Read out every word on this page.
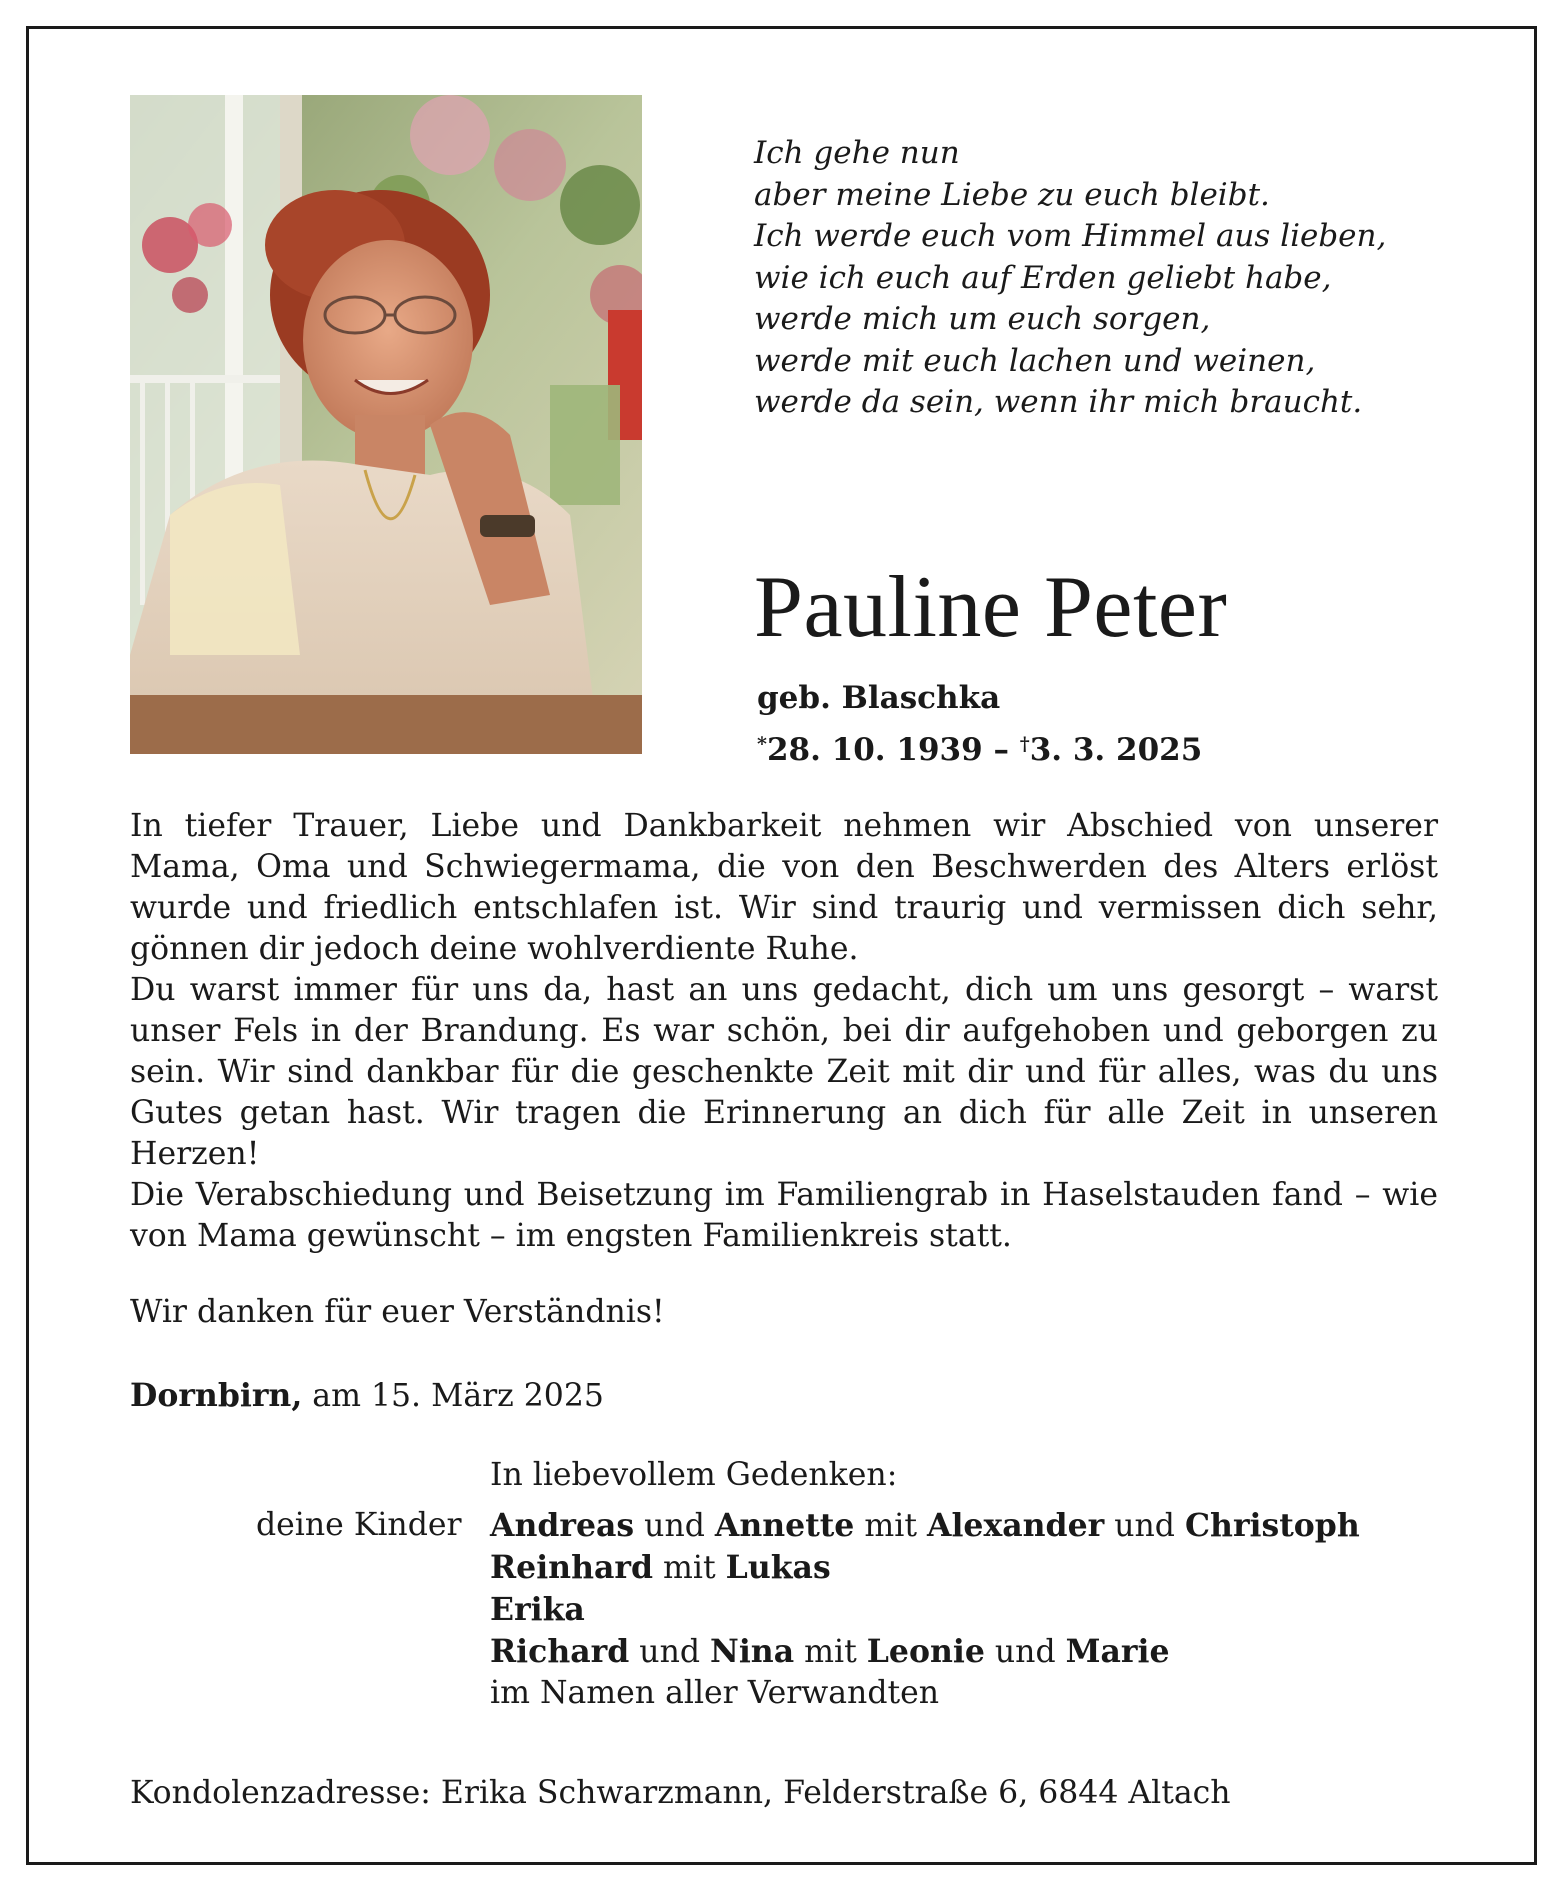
Ich gehe nun
aber meine Liebe zu euch bleibt.
Ich werde euch vom Himmel aus lieben,
wie ich euch auf Erden geliebt habe,
werde mich um euch sorgen,
werde mit euch lachen und weinen,
werde da sein, wenn ihr mich braucht.
Pauline Peter
geb. Blaschka
*28. 10. 1939 – †3. 3. 2025

In tiefer Trauer, Liebe und Dankbarkeit nehmen wir Abschied von unserer Mama, Oma und Schwiegermama, die von den Beschwerden des Alters erlöst wurde und friedlich entschlafen ist. Wir sind traurig und vermissen dich sehr, gönnen dir jedoch deine wohlverdiente Ruhe.

Du warst immer für uns da, hast an uns gedacht, dich um uns gesorgt – warst unser Fels in der Brandung. Es war schön, bei dir aufgehoben und geborgen zu sein. Wir sind dankbar für die geschenkte Zeit mit dir und für alles, was du uns Gutes getan hast. Wir tragen die Erinnerung an dich für alle Zeit in unseren Herzen!

Die Verabschiedung und Beisetzung im Familiengrab in Haselstauden fand – wie von Mama gewünscht – im engsten Familienkreis statt.

Wir danken für euer Verständnis!

Dornbirn, am 15. März 2025
In liebevollem Gedenken:
deine Kinder Andreas und Annette mit Alexander und Christoph
Reinhard mit Lukas
Erika
Richard und Nina mit Leonie und Marie
im Namen aller Verwandten
Kondolenzadresse: Erika Schwarzmann, Felderstraße 6, 6844 Altach
